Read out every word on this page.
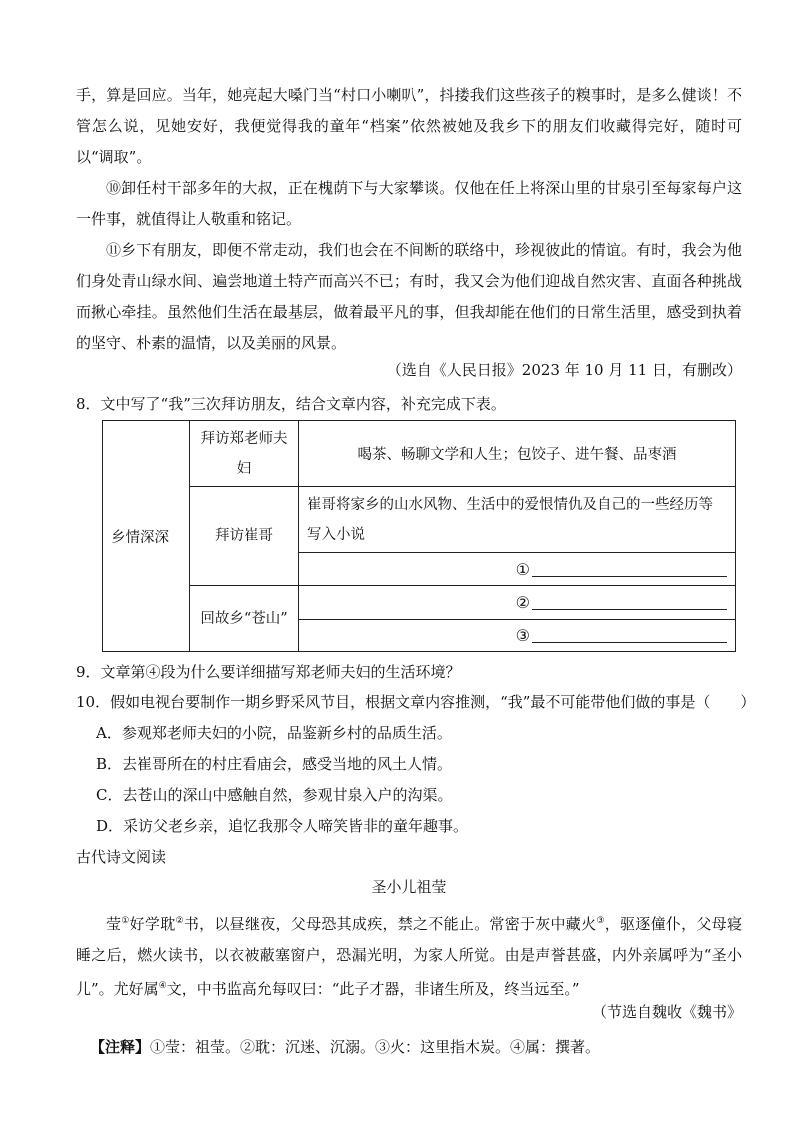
手，算是回应。当年，她亮起大嗓门当“村口小喇叭”，抖搂我们这些孩子的糗事时，是多么健谈！不管怎么说，见她安好，我便觉得我的童年“档案”依然被她及我乡下的朋友们收藏得完好，随时可以“调取”。

⑩卸任村干部多年的大叔，正在槐荫下与大家攀谈。仅他在任上将深山里的甘泉引至每家每户这一件事，就值得让人敬重和铭记。

⑪乡下有朋友，即便不常走动，我们也会在不间断的联络中，珍视彼此的情谊。有时，我会为他们身处青山绿水间、遍尝地道土特产而高兴不已；有时，我又会为他们迎战自然灾害、直面各种挑战而揪心牵挂。虽然他们生活在最基层，做着最平凡的事，但我却能在他们的日常生活里，感受到执着的坚守、朴素的温情，以及美丽的风景。

（选自《人民日报》2023 年 10 月 11 日，有删改）

8．文中写了“我”三次拜访朋友，结合文章内容，补充完成下表。

乡情深深	拜访郑老师夫妇	喝茶、畅聊文学和人生；包饺子、进午餐、品枣酒
	拜访崔哥	崔哥将家乡的山水风物、生活中的爱恨情仇及自己的一些经历等写入小说
		①
	回故乡“苍山”	②
		③

9．文章第④段为什么要详细描写郑老师夫妇的生活环境？

10．假如电视台要制作一期乡野采风节目，根据文章内容推测，“我”最不可能带他们做的事是（　　）

A．参观郑老师夫妇的小院，品鉴新乡村的品质生活。

B．去崔哥所在的村庄看庙会，感受当地的风土人情。

C．去苍山的深山中感触自然，参观甘泉入户的沟渠。

D．采访父老乡亲，追忆我那令人啼笑皆非的童年趣事。

古代诗文阅读

圣小儿祖莹

莹①好学耽②书，以昼继夜，父母恐其成疾，禁之不能止。常密于灰中藏火③，驱逐僮仆，父母寝睡之后，燃火读书，以衣被蔽塞窗户，恐漏光明，为家人所觉。由是声誉甚盛，内外亲属呼为“圣小儿”。尤好属④文，中书监高允每叹曰：“此子才器，非诸生所及，终当远至。”

（节选自魏收《魏书》

【注释】①莹：祖莹。②耽：沉迷、沉溺。③火：这里指木炭。④属：撰著。
